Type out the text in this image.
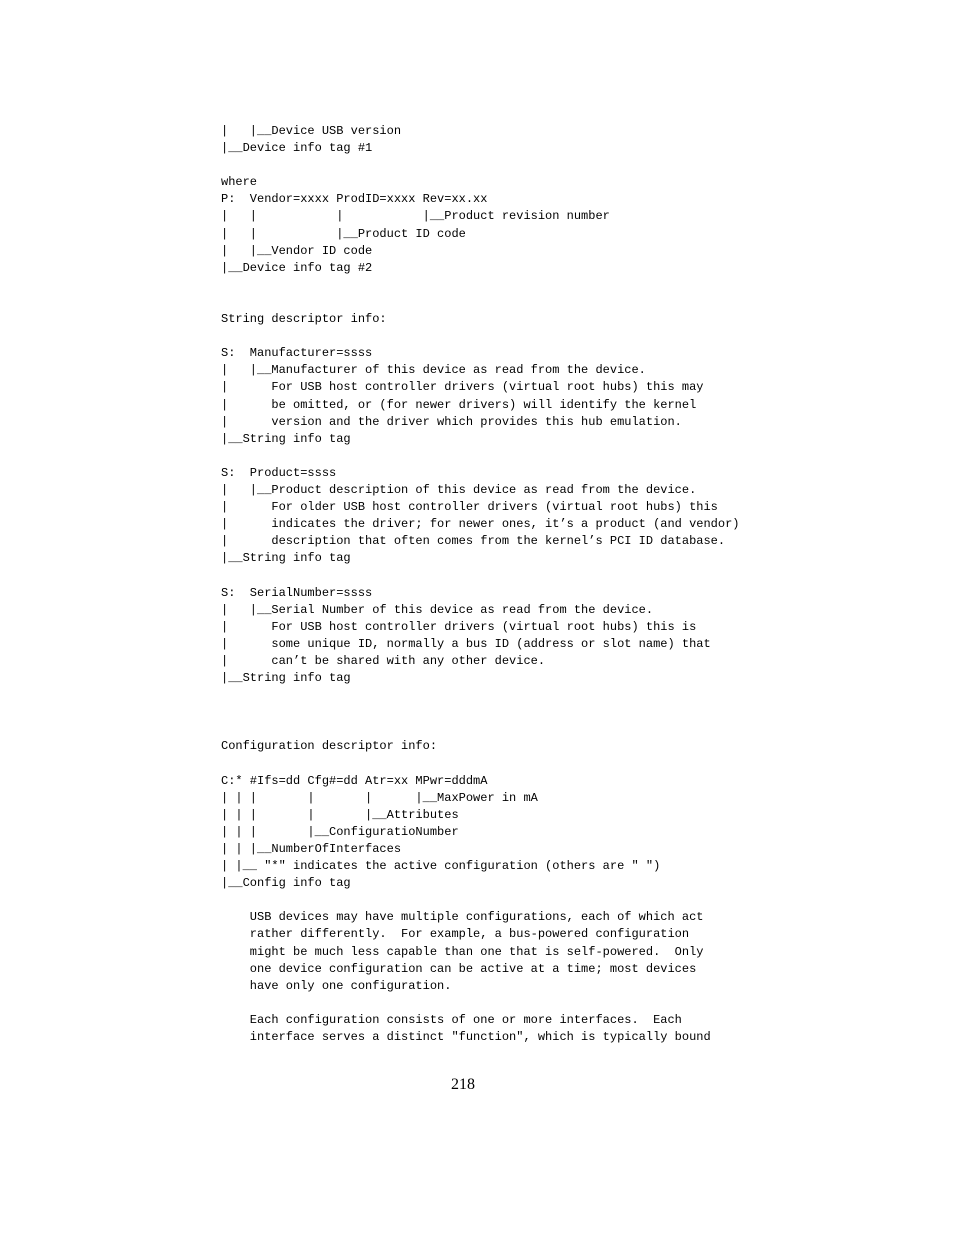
|   |__Device USB version
|__Device info tag #1

where
P:  Vendor=xxxx ProdID=xxxx Rev=xx.xx
|   |           |           |__Product revision number
|   |           |__Product ID code
|   |__Vendor ID code
|__Device info tag #2

String descriptor info:

S:  Manufacturer=ssss
|   |__Manufacturer of this device as read from the device.
|      For USB host controller drivers (virtual root hubs) this may
|      be omitted, or (for newer drivers) will identify the kernel
|      version and the driver which provides this hub emulation.
|__String info tag

S:  Product=ssss
|   |__Product description of this device as read from the device.
|      For older USB host controller drivers (virtual root hubs) this
|      indicates the driver; for newer ones, it’s a product (and vendor)
|      description that often comes from the kernel’s PCI ID database.
|__String info tag

S:  SerialNumber=ssss
|   |__Serial Number of this device as read from the device.
|      For USB host controller drivers (virtual root hubs) this is
|      some unique ID, normally a bus ID (address or slot name) that
|      can’t be shared with any other device.
|__String info tag

Configuration descriptor info:

C:* #Ifs=dd Cfg#=dd Atr=xx MPwr=dddmA
| | |       |       |      |__MaxPower in mA
| | |       |       |__Attributes
| | |       |__ConfiguratioNumber
| | |__NumberOfInterfaces
| |__ "*" indicates the active configuration (others are " ")
|__Config info tag

USB devices may have multiple configurations, each of which act
rather differently.  For example, a bus-powered configuration
might be much less capable than one that is self-powered.  Only
one device configuration can be active at a time; most devices
have only one configuration.

Each configuration consists of one or more interfaces.  Each
interface serves a distinct "function", which is typically bound
218
